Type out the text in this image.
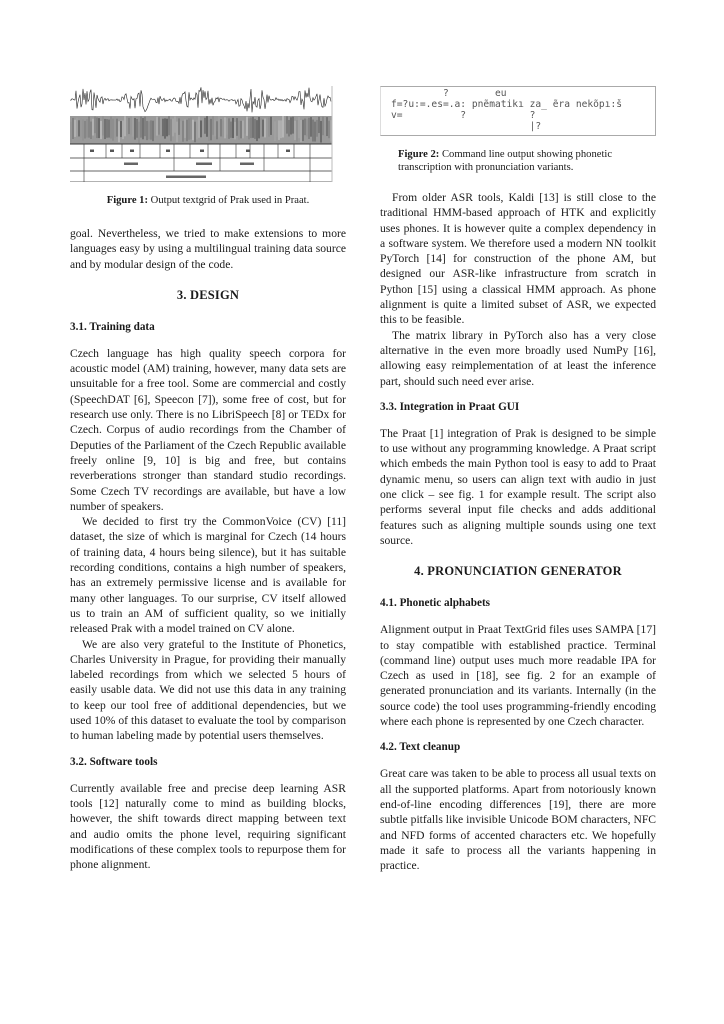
Figure 1: Output textgrid of Prak used in Praat.

goal. Nevertheless, we tried to make extensions to more languages easy by using a multilingual training data source and by modular design of the code.

3. DESIGN
3.1. Training data

Czech language has high quality speech corpora for acoustic model (AM) training, however, many data sets are unsuitable for a free tool. Some are commercial and costly (SpeechDAT [6], Speecon [7]), some free of cost, but for research use only. There is no LibriSpeech [8] or TEDx for Czech. Corpus of audio recordings from the Chamber of Deputies of the Parliament of the Czech Republic available freely online [9, 10] is big and free, but contains reverberations stronger than standard studio recordings. Some Czech TV recordings are available, but have a low number of speakers.

We decided to first try the CommonVoice (CV) [11] dataset, the size of which is marginal for Czech (14 hours of training data, 4 hours being silence), but it has suitable recording conditions, contains a high number of speakers, has an extremely permissive license and is available for many other languages. To our surprise, CV itself allowed us to train an AM of sufficient quality, so we initially released Prak with a model trained on CV alone.

We are also very grateful to the Institute of Phonetics, Charles University in Prague, for providing their manually labeled recordings from which we selected 5 hours of easily usable data. We did not use this data in any training to keep our tool free of additional dependencies, but we used 10% of this dataset to evaluate the tool by comparison to human labeling made by potential users themselves.

3.2. Software tools

Currently available free and precise deep learning ASR tools [12] naturally come to mind as building blocks, however, the shift towards direct mapping between text and audio omits the phone level, requiring significant modifications of these complex tools to repurpose them for phone alignment.

?        eu
f=?u:=.es=.a: pnẽmatikı za_ ẽra nekõpı:š
v=          ?           ?
|?
Figure 2: Command line output showing phonetic transcription with pronunciation variants.

From older ASR tools, Kaldi [13] is still close to the traditional HMM-based approach of HTK and explicitly uses phones. It is however quite a complex dependency in a software system. We therefore used a modern NN toolkit PyTorch [14] for construction of the phone AM, but designed our ASR-like infrastructure from scratch in Python [15] using a classical HMM approach. As phone alignment is quite a limited subset of ASR, we expected this to be feasible.

The matrix library in PyTorch also has a very close alternative in the even more broadly used NumPy [16], allowing easy reimplementation of at least the inference part, should such need ever arise.

3.3. Integration in Praat GUI

The Praat [1] integration of Prak is designed to be simple to use without any programming knowledge. A Praat script which embeds the main Python tool is easy to add to Praat dynamic menu, so users can align text with audio in just one click – see fig. 1 for example result. The script also performs several input file checks and adds additional features such as aligning multiple sounds using one text source.

4. PRONUNCIATION GENERATOR
4.1. Phonetic alphabets

Alignment output in Praat TextGrid files uses SAMPA [17] to stay compatible with established practice. Terminal (command line) output uses much more readable IPA for Czech as used in [18], see fig. 2 for an example of generated pronunciation and its variants. Internally (in the source code) the tool uses programming-friendly encoding where each phone is represented by one Czech character.

4.2. Text cleanup

Great care was taken to be able to process all usual texts on all the supported platforms. Apart from notoriously known end-of-line encoding differences [19], there are more subtle pitfalls like invisible Unicode BOM characters, NFC and NFD forms of accented characters etc. We hopefully made it safe to process all the variants happening in practice.
